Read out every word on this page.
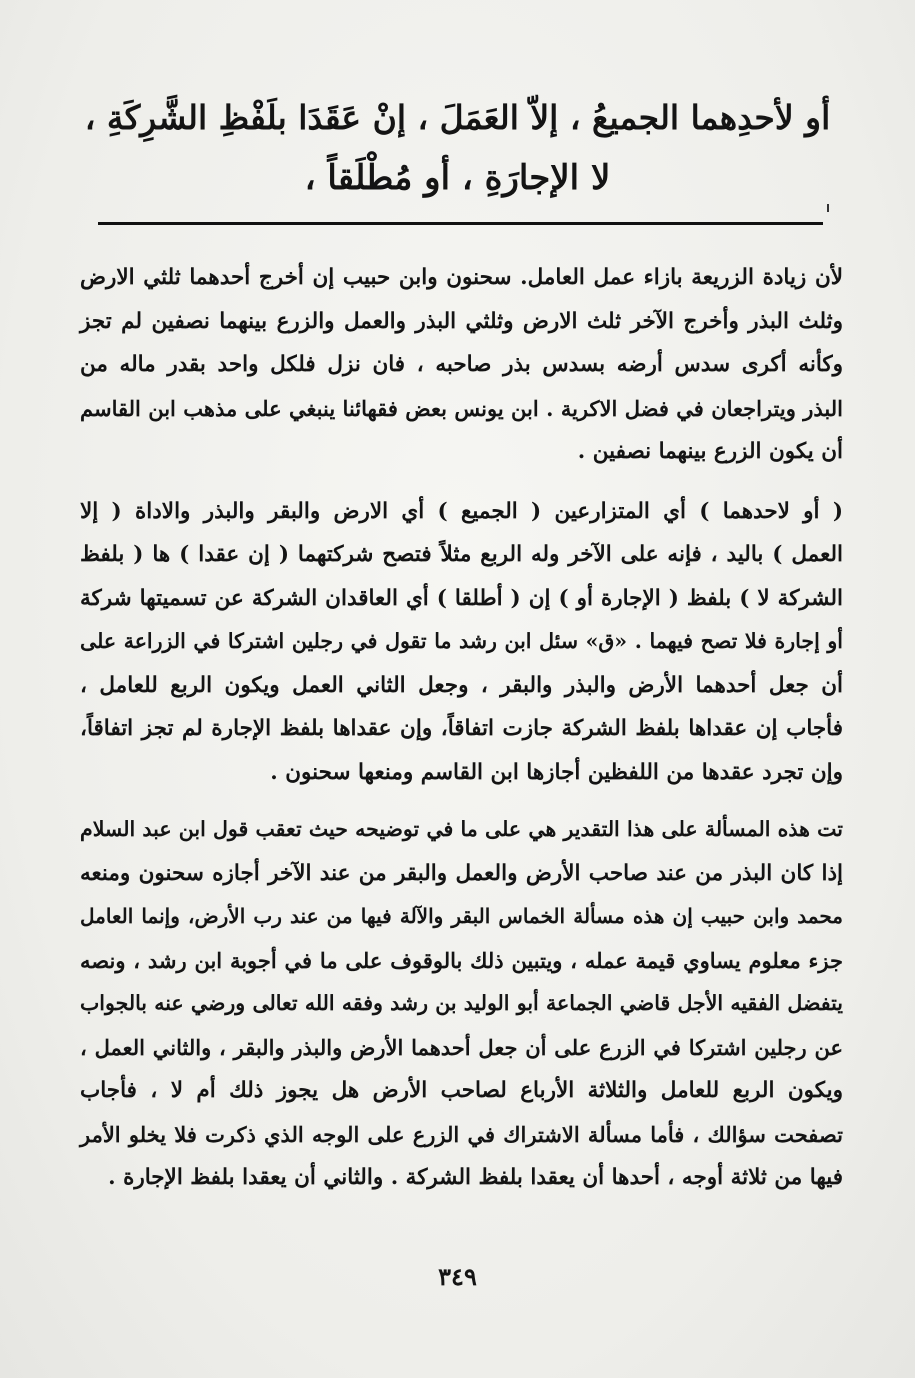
أو لأحدِهما الجميعُ ، إلاّ العَمَلَ ، إنْ عَقَدَا بلَفْظِ الشَّرِكَةِ ،
لا الإجارَةِ ، أو مُطْلَقاً ،
لأن زيادة الزريعة بازاء عمل العامل. سحنون وابن حبيب إن أخرج أحدهما ثلثي الارض
وثلث البذر وأخرج الآخر ثلث الارض وثلثي البذر والعمل والزرع بينهما نصفين لم تجز
وكأنه أكرى سدس أرضه بسدس بذر صاحبه ، فان نزل فلكل واحد بقدر ماله من
البذر ويتراجعان في فضل الاكرية . ابن يونس بعض فقهائنا ينبغي على مذهب ابن القاسم
أن يكون الزرع بينهما نصفين .
( أو لاحدهما ) أي المتزارعين ( الجميع ) أي الارض والبقر والبذر والاداة ( إلا
العمل ) باليد ، فإنه على الآخر وله الربع مثلاً فتصح شركتهما ( إن عقدا ) ها ( بلفظ
الشركة لا ) بلفظ ( الإجارة أو ) إن ( أطلقا ) أي العاقدان الشركة عن تسميتها شركة
أو إجارة فلا تصح فيهما . «ق» سئل ابن رشد ما تقول في رجلين اشتركا في الزراعة على
أن جعل أحدهما الأرض والبذر والبقر ، وجعل الثاني العمل ويكون الربع للعامل ،
فأجاب إن عقداها بلفظ الشركة جازت اتفاقاً، وإن عقداها بلفظ الإجارة لم تجز اتفاقاً،
وإن تجرد عقدها من اللفظين أجازها ابن القاسم ومنعها سحنون .
تت هذه المسألة على هذا التقدير هي على ما في توضيحه حيث تعقب قول ابن عبد السلام
إذا كان البذر من عند صاحب الأرض والعمل والبقر من عند الآخر أجازه سحنون ومنعه
محمد وابن حبيب إن هذه مسألة الخماس البقر والآلة فيها من عند رب الأرض، وإنما العامل
جزء معلوم يساوي قيمة عمله ، ويتبين ذلك بالوقوف على ما في أجوبة ابن رشد ، ونصه
يتفضل الفقيه الأجل قاضي الجماعة أبو الوليد بن رشد وفقه الله تعالى ورضي عنه بالجواب
عن رجلين اشتركا في الزرع على أن جعل أحدهما الأرض والبذر والبقر ، والثاني العمل ،
ويكون الربع للعامل والثلاثة الأرباع لصاحب الأرض هل يجوز ذلك أم لا ، فأجاب
تصفحت سؤالك ، فأما مسألة الاشتراك في الزرع على الوجه الذي ذكرت فلا يخلو الأمر
فيها من ثلاثة أوجه ، أحدها أن يعقدا بلفظ الشركة . والثاني أن يعقدا بلفظ الإجارة .
٣٤٩
